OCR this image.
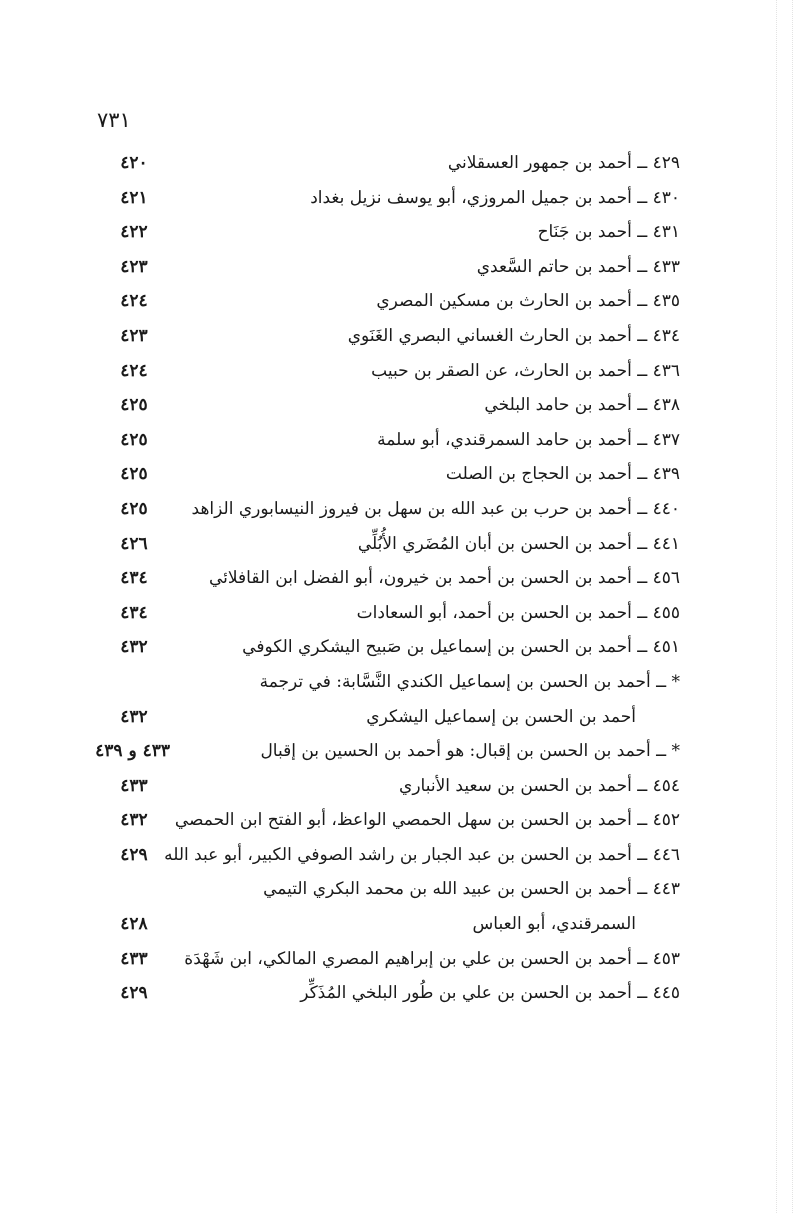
٧٣١
٤٢٩ ــ أحمد بن جمهور العسقلاني
٤٢٠
٤٣٠ ــ أحمد بن جميل المروزي، أبو يوسف نزيل بغداد
٤٢١
٤٣١ ــ أحمد بن جَنَاح
٤٢٢
٤٣٣ ــ أحمد بن حاتم السَّعدي
٤٢٣
٤٣٥ ــ أحمد بن الحارث بن مسكين المصري
٤٢٤
٤٣٤ ــ أحمد بن الحارث الغساني البصري الغَنَوي
٤٢٣
٤٣٦ ــ أحمد بن الحارث، عن الصقر بن حبيب
٤٢٤
٤٣٨ ــ أحمد بن حامد البلخي
٤٢٥
٤٣٧ ــ أحمد بن حامد السمرقندي، أبو سلمة
٤٢٥
٤٣٩ ــ أحمد بن الحجاج بن الصلت
٤٢٥
٤٤٠ ــ أحمد بن حرب بن عبد الله بن سهل بن فيروز النيسابوري الزاهد
٤٢٥
٤٤١ ــ أحمد بن الحسن بن أبان المُضَري الأُبُلِّي
٤٢٦
٤٥٦ ــ أحمد بن الحسن بن أحمد بن خيرون، أبو الفضل ابن القافلائي
٤٣٤
٤٥٥ ــ أحمد بن الحسن بن أحمد، أبو السعادات
٤٣٤
٤٥١ ــ أحمد بن الحسن بن إسماعيل بن صَبيح اليشكري الكوفي
٤٣٢
* ــ أحمد بن الحسن بن إسماعيل الكندي النَّسَّابة: في ترجمة
أحمد بن الحسن بن إسماعيل اليشكري
٤٣٢
* ــ أحمد بن الحسن بن إقبال: هو أحمد بن الحسين بن إقبال
٤٣٣ و ٤٣٩
٤٥٤ ــ أحمد بن الحسن بن سعيد الأنباري
٤٣٣
٤٥٢ ــ أحمد بن الحسن بن سهل الحمصي الواعظ، أبو الفتح ابن الحمصي
٤٣٢
٤٤٦ ــ أحمد بن الحسن بن عبد الجبار بن راشد الصوفي الكبير، أبو عبد الله
٤٢٩
٤٤٣ ــ أحمد بن الحسن بن عبيد الله بن محمد البكري التيمي
السمرقندي، أبو العباس
٤٢٨
٤٥٣ ــ أحمد بن الحسن بن علي بن إبراهيم المصري المالكي، ابن شَهْدَة
٤٣٣
٤٤٥ ــ أحمد بن الحسن بن علي بن طُور البلخي المُذَكِّر
٤٢٩
